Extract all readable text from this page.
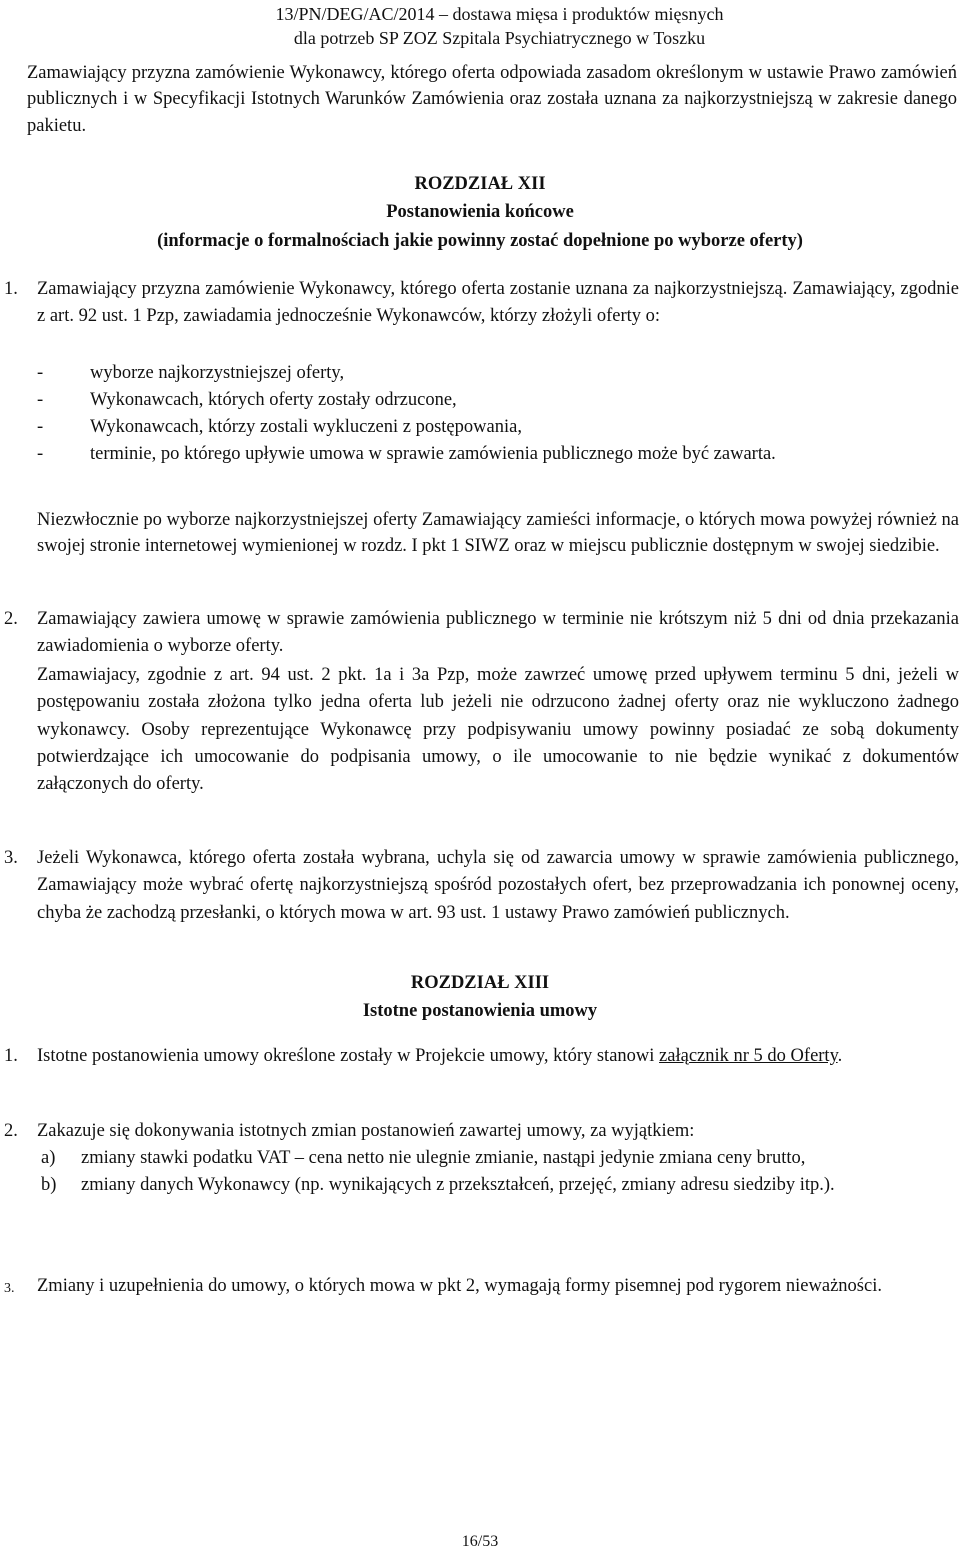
13/PN/DEG/AC/2014 – dostawa mięsa i produktów mięsnych
dla potrzeb SP ZOZ Szpitala Psychiatrycznego w Toszku
Zamawiający przyzna zamówienie Wykonawcy, którego oferta odpowiada zasadom określonym w ustawie Prawo zamówień publicznych i w Specyfikacji Istotnych Warunków Zamówienia oraz została uznana za najkorzystniejszą w zakresie danego pakietu.
ROZDZIAŁ XII
Postanowienia końcowe
(informacje o formalnościach jakie powinny zostać dopełnione po wyborze oferty)
1. Zamawiający przyzna zamówienie Wykonawcy, którego oferta zostanie uznana za najkorzystniejszą. Zamawiający, zgodnie z art. 92 ust. 1 Pzp, zawiadamia jednocześnie Wykonawców, którzy złożyli oferty o:
-	wyborze najkorzystniejszej oferty,
-	Wykonawcach, których oferty zostały odrzucone,
-	Wykonawcach, którzy zostali wykluczeni z postępowania,
-	terminie, po którego upływie umowa w sprawie zamówienia publicznego może być zawarta.
Niezwłocznie po wyborze najkorzystniejszej oferty Zamawiający zamieści informacje, o których mowa powyżej również na swojej stronie internetowej wymienionej w rozdz. I pkt 1 SIWZ oraz w miejscu publicznie dostępnym w swojej siedzibie.
2. Zamawiający zawiera umowę w sprawie zamówienia publicznego w terminie nie krótszym niż 5 dni od dnia przekazania zawiadomienia o wyborze oferty.
Zamawiajacy, zgodnie z art. 94 ust. 2 pkt. 1a i 3a Pzp, może zawrzeć umowę przed upływem terminu 5 dni, jeżeli w postępowaniu została złożona tylko jedna oferta lub jeżeli nie odrzucono żadnej oferty oraz nie wykluczono żadnego wykonawcy. Osoby reprezentujące Wykonawcę przy podpisywaniu umowy powinny posiadać ze sobą dokumenty potwierdzające ich umocowanie do podpisania umowy, o ile umocowanie to nie będzie wynikać z dokumentów załączonych do oferty.
3. Jeżeli Wykonawca, którego oferta została wybrana, uchyla się od zawarcia umowy w sprawie zamówienia publicznego, Zamawiający może wybrać ofertę najkorzystniejszą spośród pozostałych ofert, bez przeprowadzania ich ponownej oceny, chyba że zachodzą przesłanki, o których mowa w art. 93 ust. 1 ustawy Prawo zamówień publicznych.
ROZDZIAŁ XIII
Istotne postanowienia umowy
1. Istotne postanowienia umowy określone zostały w Projekcie umowy, który stanowi załącznik nr 5 do Oferty.
2. Zakazuje się dokonywania istotnych zmian postanowień zawartej umowy, za wyjątkiem:
a) zmiany stawki podatku VAT – cena netto nie ulegnie zmianie, nastąpi jedynie zmiana ceny brutto,
b) zmiany danych Wykonawcy (np. wynikających z przekształceń, przejęć, zmiany adresu siedziby itp.).
3. Zmiany i uzupełnienia do umowy, o których mowa w pkt 2, wymagają formy pisemnej pod rygorem nieważności.
16/53
